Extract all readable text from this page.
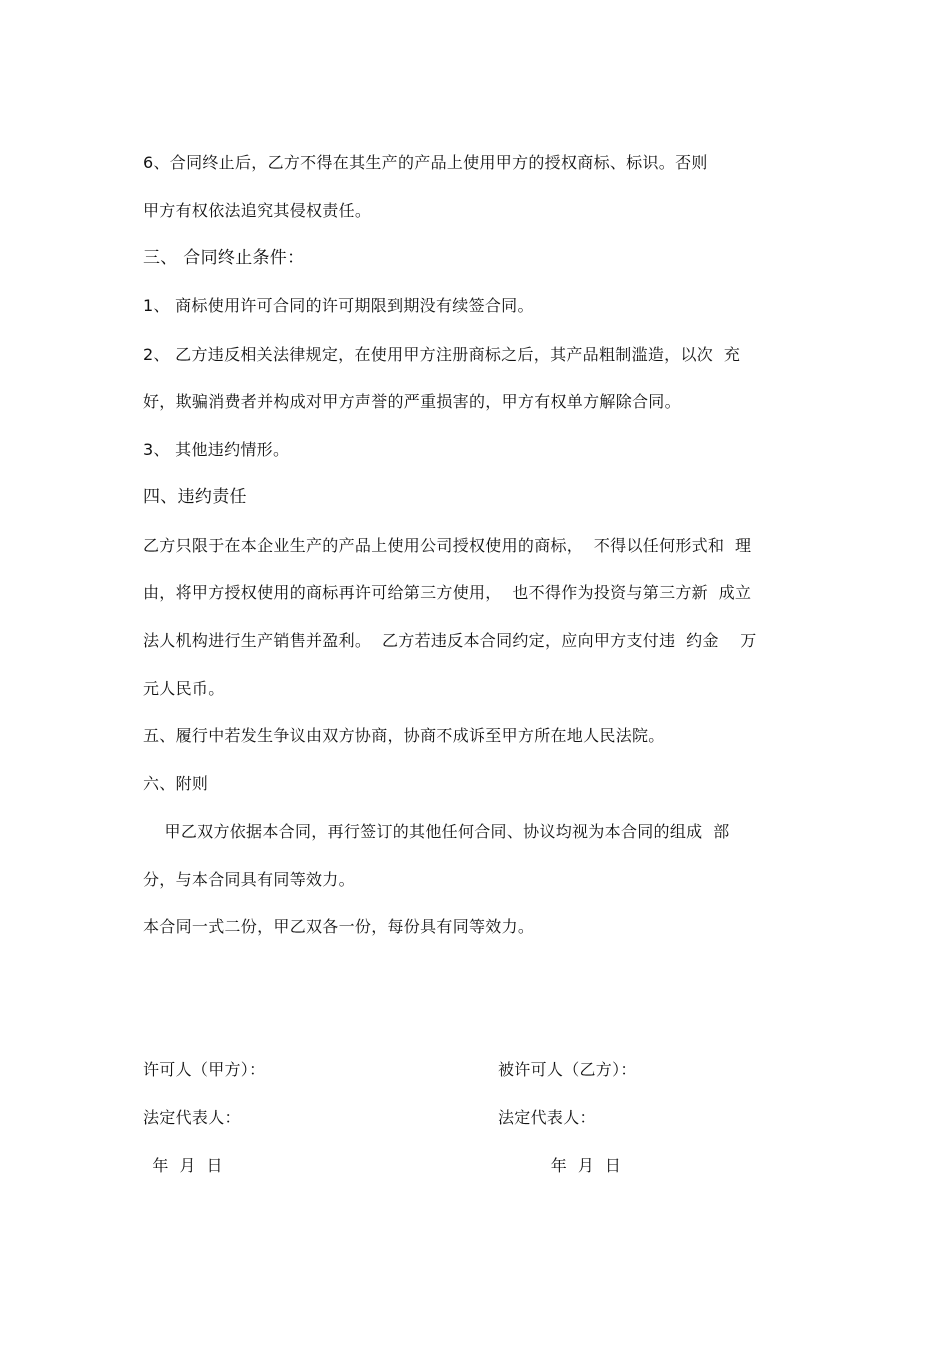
6、合同终止后，乙方不得在其生产的产品上使用甲方的授权商标、标识。否则
甲方有权依法追究其侵权责任。
三、 合同终止条件：
1、 商标使用许可合同的许可期限到期没有续签合同。
2、 乙方违反相关法律规定，在使用甲方注册商标之后，其产品粗制滥造，以次  充
好，欺骗消费者并构成对甲方声誉的严重损害的，甲方有权单方解除合同。
3、 其他违约情形。
四、违约责任
乙方只限于在本企业生产的产品上使用公司授权使用的商标，  不得以任何形式和  理
由，将甲方授权使用的商标再许可给第三方使用，  也不得作为投资与第三方新  成立
法人机构进行生产销售并盈利。  乙方若违反本合同约定，应向甲方支付违  约金    万
元人民币。
五、履行中若发生争议由双方协商，协商不成诉至甲方所在地人民法院。
六、附则
甲乙双方依据本合同，再行签订的其他任何合同、协议均视为本合同的组成  部
分，与本合同具有同等效力。
本合同一式二份，甲乙双各一份，每份具有同等效力。
许可人（甲方）：	被许可人（乙方）：
法定代表人：	法定代表人：
年  月  日	年  月  日
